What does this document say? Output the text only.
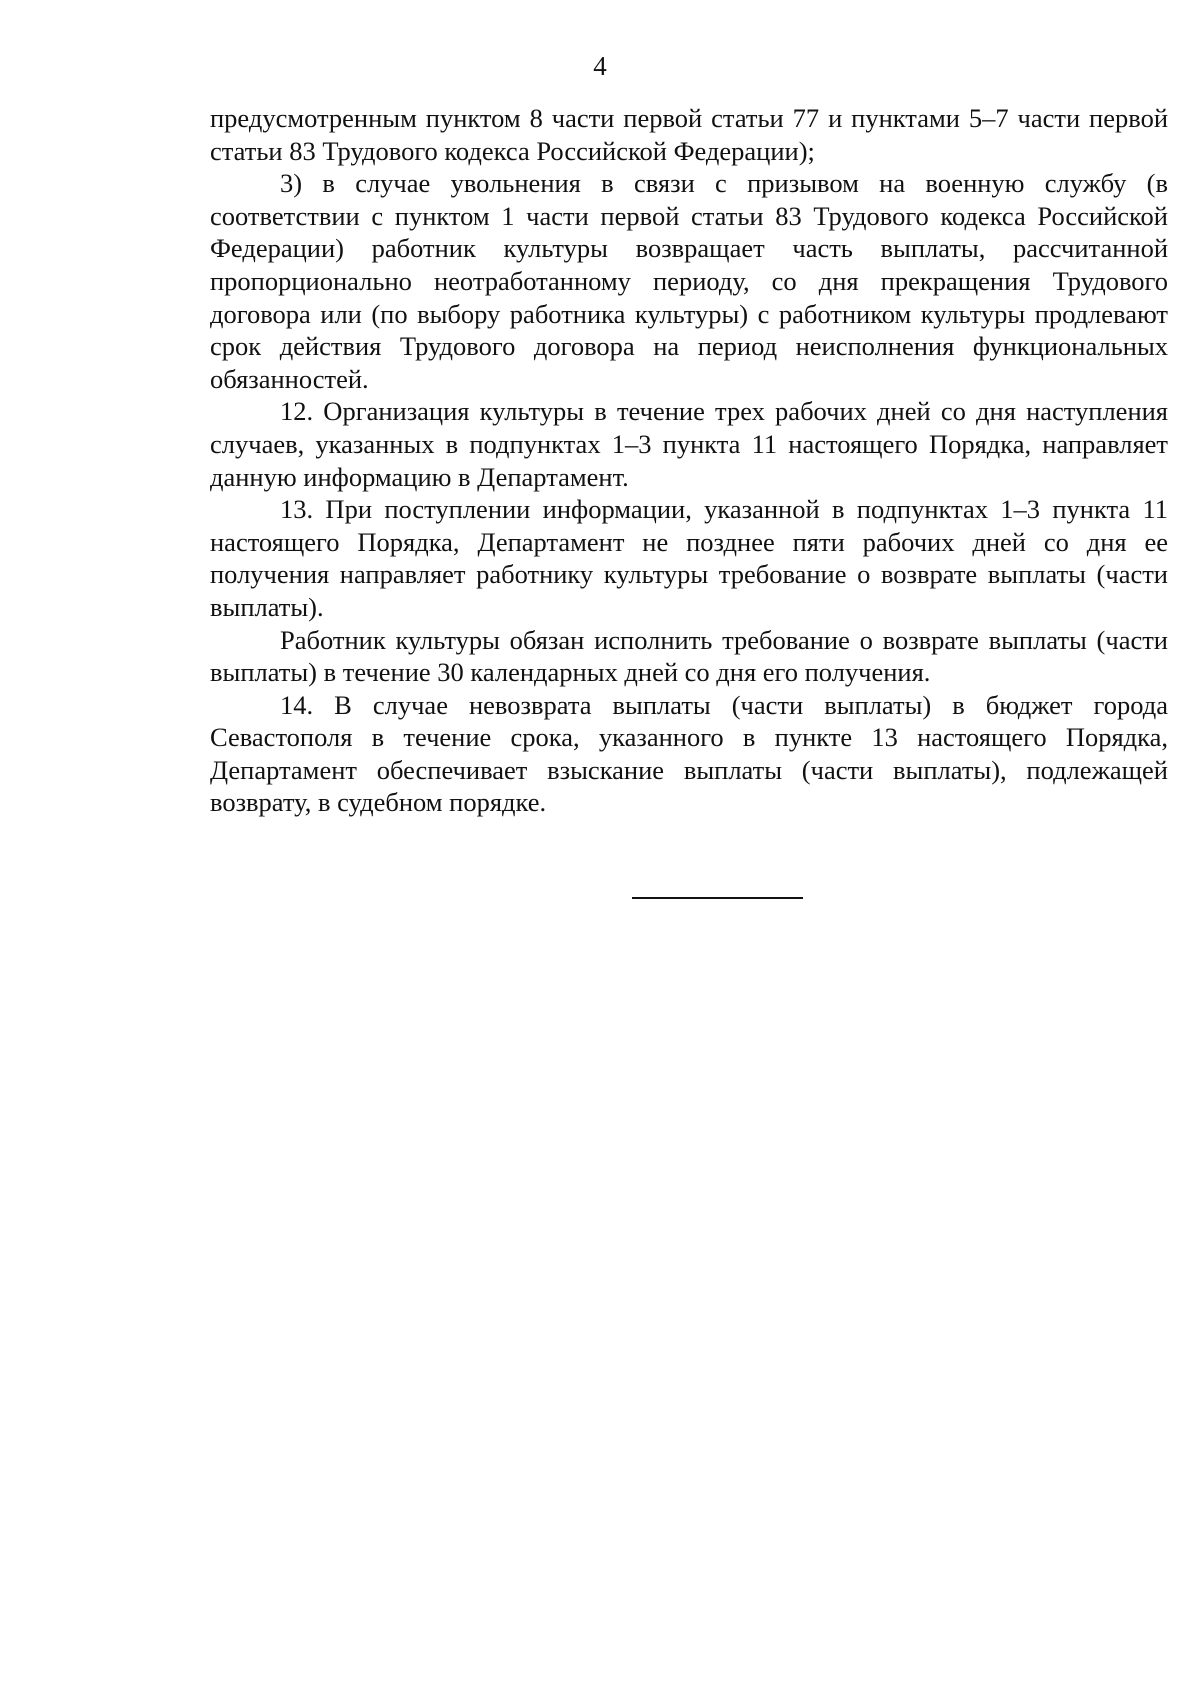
4

предусмотренным пунктом 8 части первой статьи 77 и пунктами 5–7 части первой статьи 83 Трудового кодекса Российской Федерации);

3) в случае увольнения в связи с призывом на военную службу (в соответствии с пунктом 1 части первой статьи 83 Трудового кодекса Российской Федерации) работник культуры возвращает часть выплаты, рассчитанной пропорционально неотработанному периоду, со дня прекращения Трудового договора или (по выбору работника культуры) с работником культуры продлевают срок действия Трудового договора на период неисполнения функциональных обязанностей.

12. Организация культуры в течение трех рабочих дней со дня наступления случаев, указанных в подпунктах 1–3 пункта 11 настоящего Порядка, направляет данную информацию в Департамент.

13. При поступлении информации, указанной в подпунктах 1–3 пункта 11 настоящего Порядка, Департамент не позднее пяти рабочих дней со дня ее получения направляет работнику культуры требование о возврате выплаты (части выплаты).

Работник культуры обязан исполнить требование о возврате выплаты (части выплаты) в течение 30 календарных дней со дня его получения.

14. В случае невозврата выплаты (части выплаты) в бюджет города Севастополя в течение срока, указанного в пункте 13 настоящего Порядка, Департамент обеспечивает взыскание выплаты (части выплаты), подлежащей возврату, в судебном порядке.
